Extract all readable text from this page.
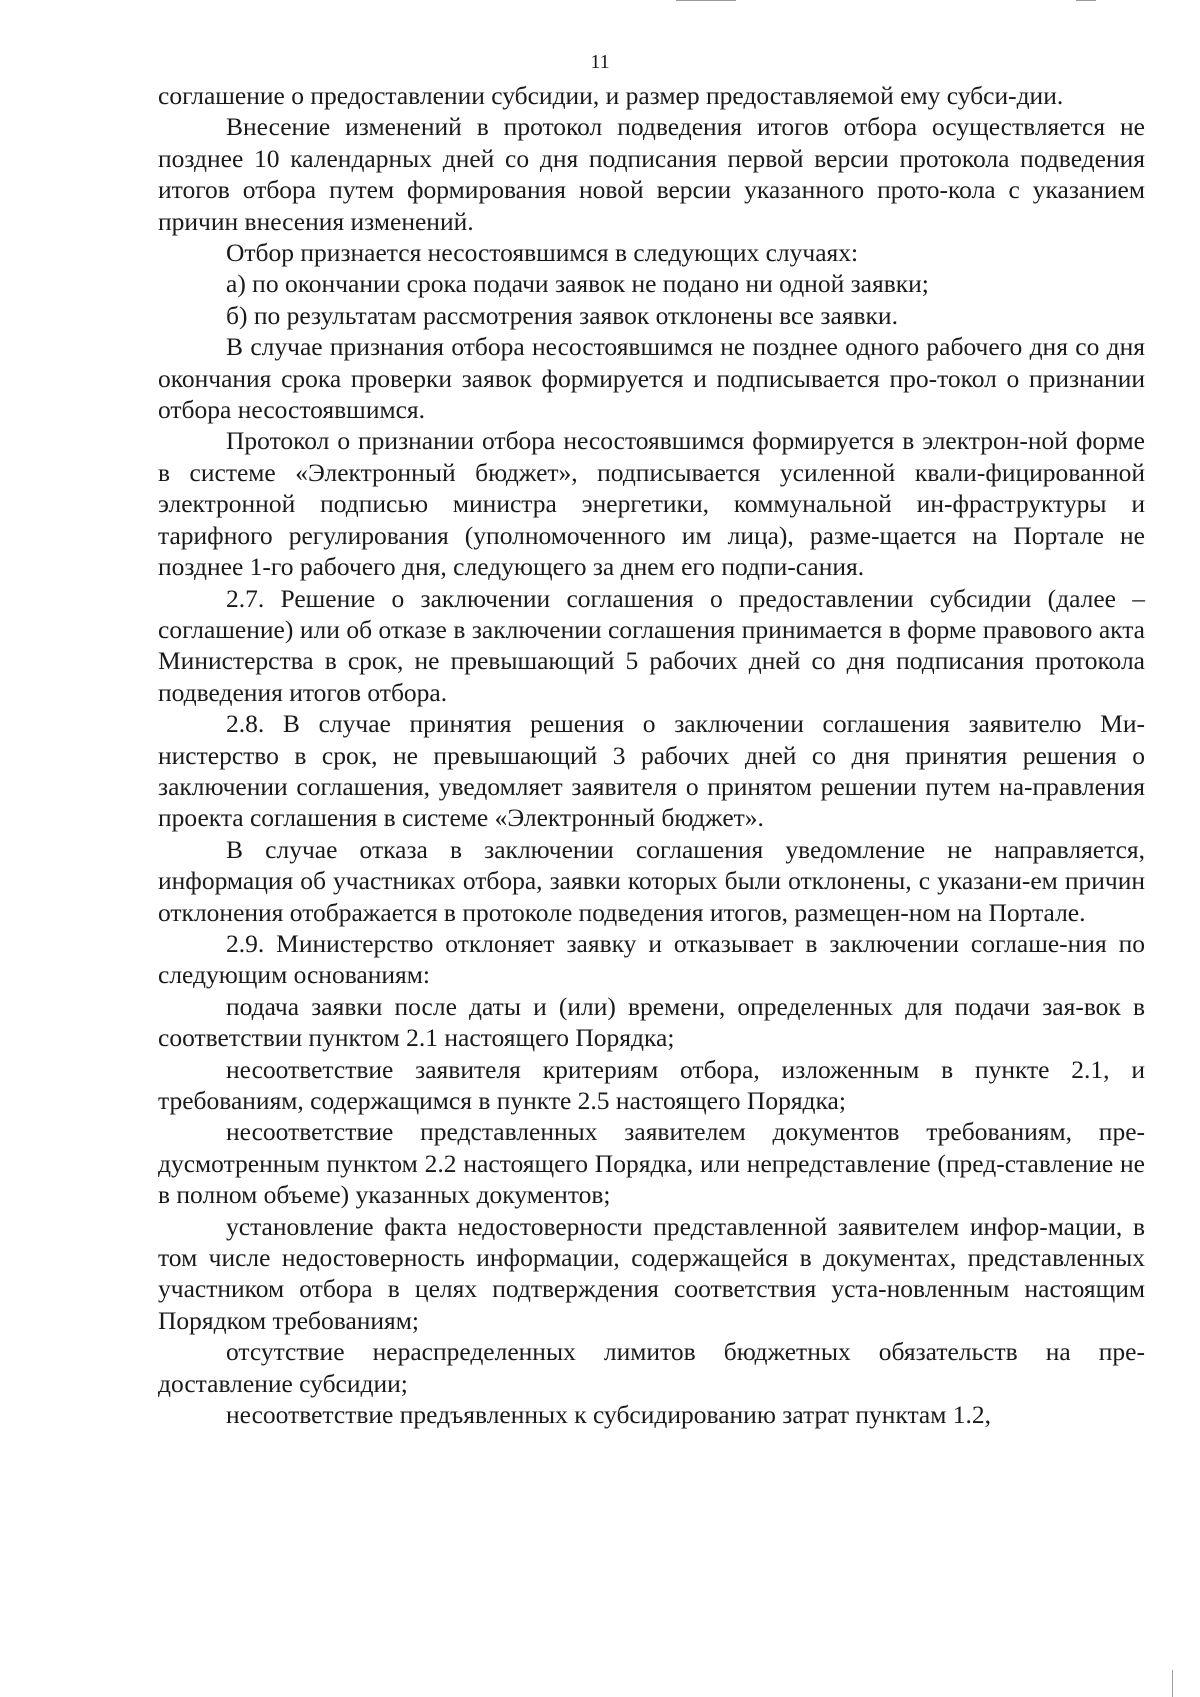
11

соглашение о предоставлении субсидии, и размер предоставляемой ему субси-дии.

Внесение изменений в протокол подведения итогов отбора осуществляется не позднее 10 календарных дней со дня подписания первой версии протокола подведения итогов отбора путем формирования новой версии указанного прото-кола с указанием причин внесения изменений.

Отбор признается несостоявшимся в следующих случаях:

а) по окончании срока подачи заявок не подано ни одной заявки;

б) по результатам рассмотрения заявок отклонены все заявки.

В случае признания отбора несостоявшимся не позднее одного рабочего дня со дня окончания срока проверки заявок формируется и подписывается про-токол о признании отбора несостоявшимся.

Протокол о признании отбора несостоявшимся формируется в электрон-ной форме в системе «Электронный бюджет», подписывается усиленной квали-фицированной электронной подписью министра энергетики, коммунальной ин-фраструктуры и тарифного регулирования (уполномоченного им лица), разме-щается на Портале не позднее 1-го рабочего дня, следующего за днем его подпи-сания.

2.7. Решение о заключении соглашения о предоставлении субсидии (далее – соглашение) или об отказе в заключении соглашения принимается в форме правового акта Министерства в срок, не превышающий 5 рабочих дней со дня подписания протокола подведения итогов отбора.

2.8. В случае принятия решения о заключении соглашения заявителю Ми-нистерство в срок, не превышающий 3 рабочих дней со дня принятия решения о заключении соглашения, уведомляет заявителя о принятом решении путем на-правления проекта соглашения в системе «Электронный бюджет».

В случае отказа в заключении соглашения уведомление не направляется, информация об участниках отбора, заявки которых были отклонены, с указани-ем причин отклонения отображается в протоколе подведения итогов, размещен-ном на Портале.

2.9. Министерство отклоняет заявку и отказывает в заключении соглаше-ния по следующим основаниям:

подача заявки после даты и (или) времени, определенных для подачи зая-вок в соответствии пунктом 2.1 настоящего Порядка;

несоответствие заявителя критериям отбора, изложенным в пункте 2.1, и требованиям, содержащимся в пункте 2.5 настоящего Порядка;

несоответствие представленных заявителем документов требованиям, пре-дусмотренным пунктом 2.2 настоящего Порядка, или непредставление (пред-ставление не в полном объеме) указанных документов;

установление факта недостоверности представленной заявителем инфор-мации, в том числе недостоверность информации, содержащейся в документах, представленных участником отбора в целях подтверждения соответствия уста-новленным настоящим Порядком требованиям;

отсутствие нераспределенных лимитов бюджетных обязательств на пре-доставление субсидии;

несоответствие предъявленных к субсидированию затрат пунктам 1.2,
